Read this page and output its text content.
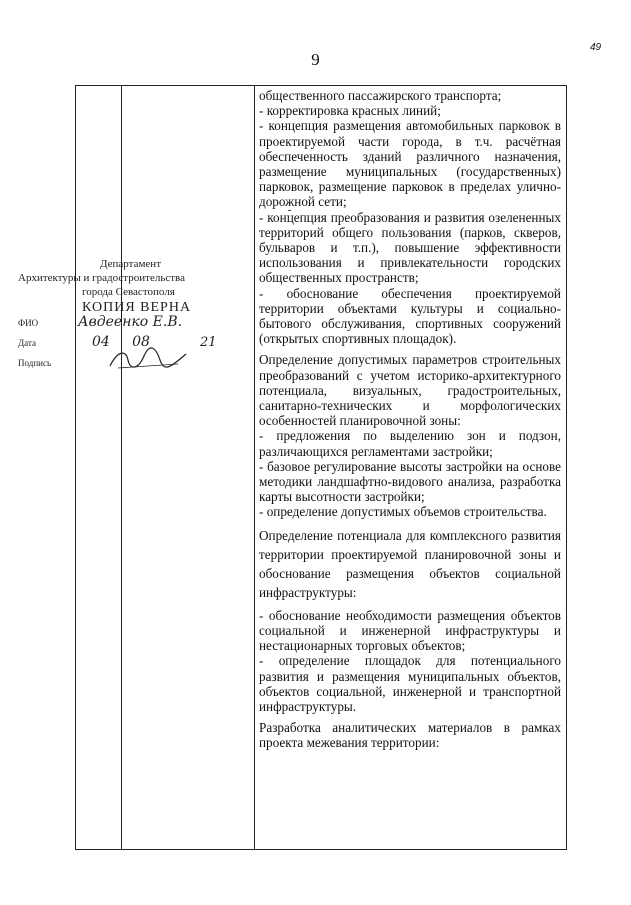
9
49

общественного пассажирского транспорта;

- корректировка красных линий;

- концепция размещения автомобильных парковок в проектируемой части города, в т.ч. расчётная обеспеченность зданий различного назначения, размещение муниципальных (государственных) парковок, размещение парковок в пределах улично-дорожной сети;

- концепция преобразования и развития озелененных территорий общего пользования (парков, скверов, бульваров и т.п.), повышение эффективности использования и привлекательности городских общественных пространств;

- обоснование обеспечения проектируемой территории объектами культуры и социально-бытового обслуживания, спортивных сооружений (открытых спортивных площадок).

Определение допустимых параметров строительных преобразований с учетом историко-архитектурного потенциала, визуальных, градостроительных, санитарно-технических и морфологических особенностей планировочной зоны:

- предложения по выделению зон и подзон, различающихся регламентами застройки;

- базовое регулирование высоты застройки на основе методики ландшафтно-видового анализа, разработка карты высотности застройки;

- определение допустимых объемов строительства.

Определение потенциала для комплексного развития территории проектируемой планировочной зоны и обоснование размещения объектов социальной инфраструктуры:

- обоснование необходимости размещения объектов социальной и инженерной инфраструктуры и нестационарных торговых объектов;

- определение площадок для потенциального развития и размещения муниципальных объектов, объектов социальной, инженерной и транспортной инфраструктуры.

Разработка аналитических материалов в рамках проекта межевания территории:

Департамент
Архитектуры и градостроительства
города Севастополя
КОПИЯ ВЕРНА
ФИО
Дата
Подпись
Авдеенко Е.В.
04 08	21
